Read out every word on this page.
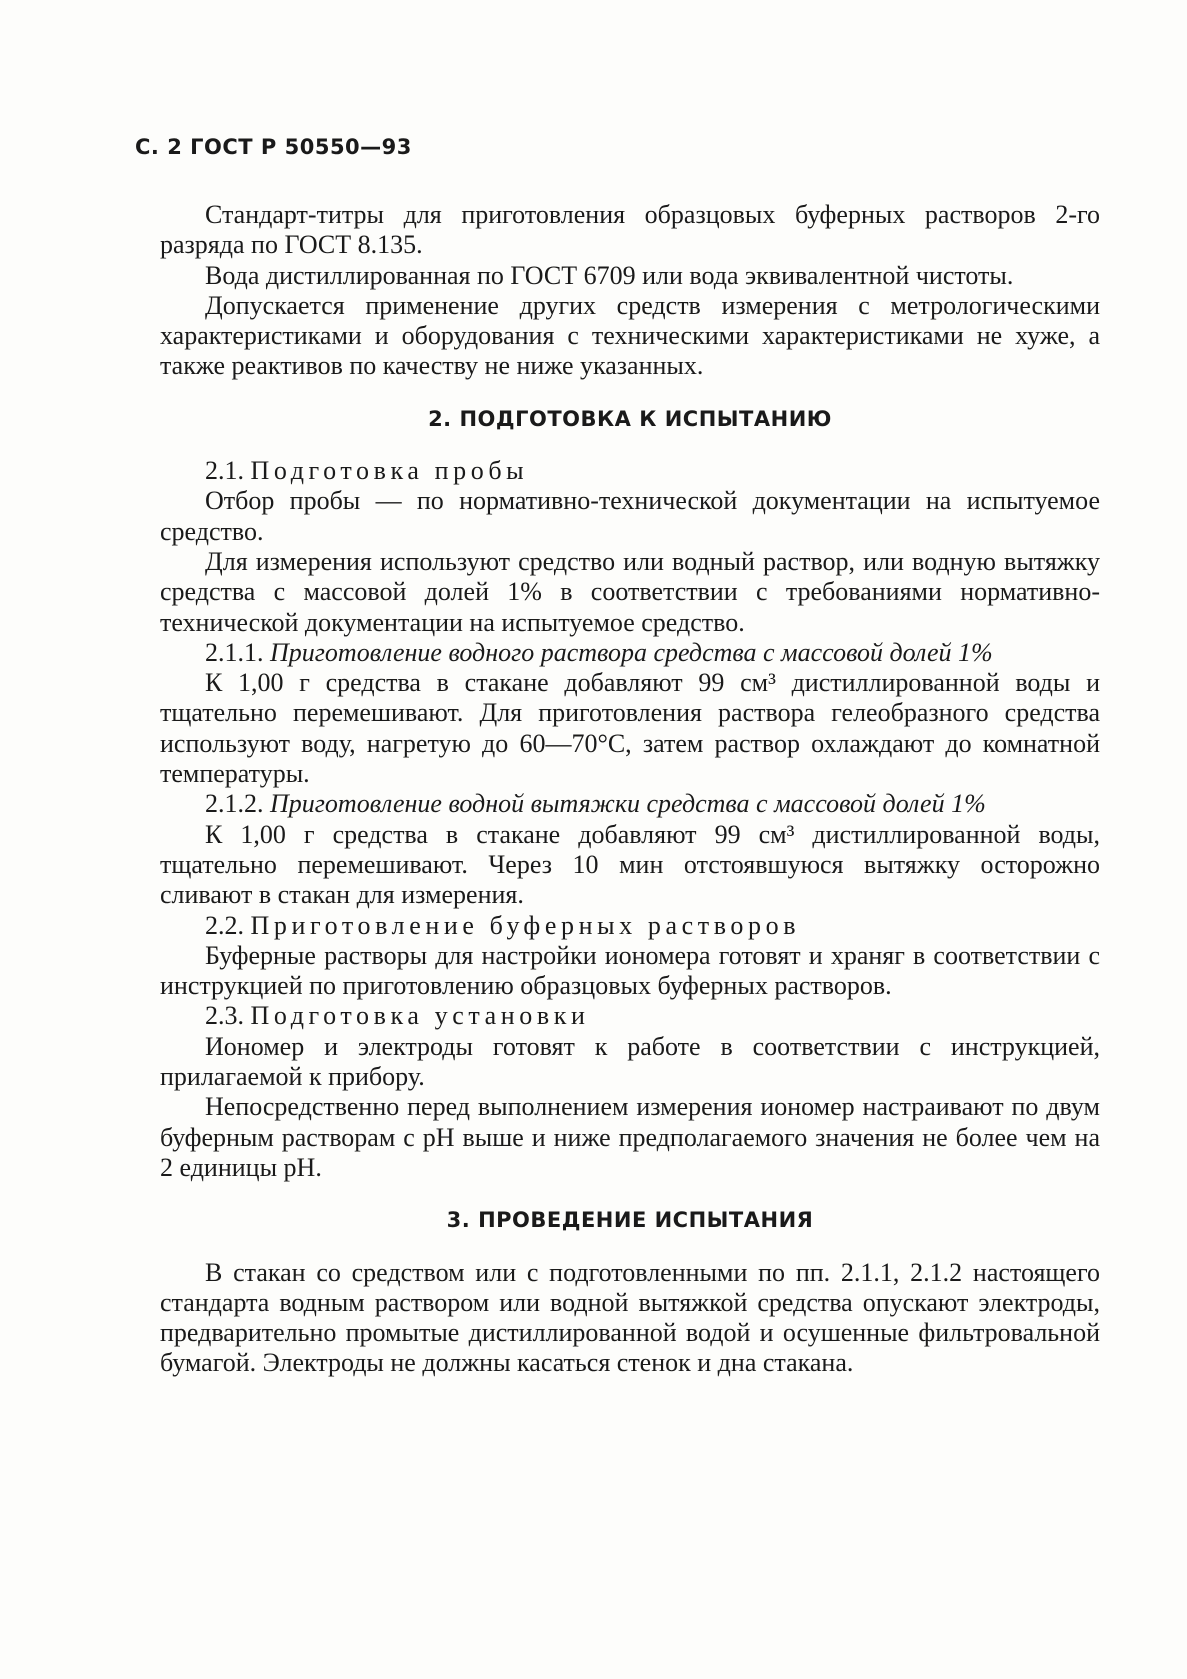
С. 2 ГОСТ Р 50550—93

Стандарт-титры для приготовления образцовых буферных растворов 2-го разряда по ГОСТ 8.135.

Вода дистиллированная по ГОСТ 6709 или вода эквивалентной чистоты.

Допускается применение других средств измерения с метрологическими характеристиками и оборудования с техническими характеристиками не хуже, а также реактивов по качеству не ниже указанных.

2. ПОДГОТОВКА К ИСПЫТАНИЮ

2.1. Подготовка пробы

Отбор пробы — по нормативно-технической документации на испытуемое средство.

Для измерения используют средство или водный раствор, или водную вытяжку средства с массовой долей 1% в соответствии с требованиями нормативно-технической документации на испытуемое средство.

2.1.1. Приготовление водного раствора средства с массовой долей 1%

К 1,00 г средства в стакане добавляют 99 см³ дистиллированной воды и тщательно перемешивают. Для приготовления раствора гелеобразного средства используют воду, нагретую до 60—70°С, затем раствор охлаждают до комнатной температуры.

2.1.2. Приготовление водной вытяжки средства с массовой долей 1%

К 1,00 г средства в стакане добавляют 99 см³ дистиллированной воды, тщательно перемешивают. Через 10 мин отстоявшуюся вытяжку осторожно сливают в стакан для измерения.

2.2. Приготовление буферных растворов

Буферные растворы для настройки иономера готовят и храняг в соответствии с инструкцией по приготовлению образцовых буферных растворов.

2.3. Подготовка установки

Иономер и электроды готовят к работе в соответствии с инструкцией, прилагаемой к прибору.

Непосредственно перед выполнением измерения иономер настраивают по двум буферным растворам с рН выше и ниже предполагаемого значения не более чем на 2 единицы рН.

3. ПРОВЕДЕНИЕ ИСПЫТАНИЯ

В стакан со средством или с подготовленными по пп. 2.1.1, 2.1.2 настоящего стандарта водным раствором или водной вытяжкой средства опускают электроды, предварительно промытые дистиллированной водой и осушенные фильтровальной бумагой. Электроды не должны касаться стенок и дна стакана.
